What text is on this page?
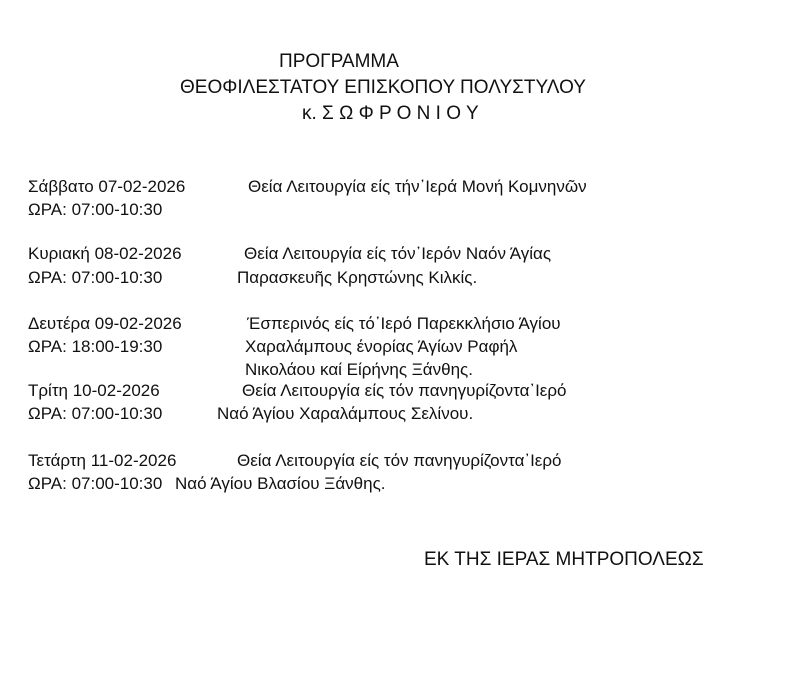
ΠΡΟΓΡΑΜΜΑ
ΘΕΟΦΙΛΕΣΤΑΤΟΥ ΕΠΙΣΚΟΠΟΥ ΠΟΛΥΣΤΥΛΟΥ
κ. Σ Ω Φ Ρ Ο Ν Ι Ο Υ
Σάββατο 07-02-2026
ΩΡΑ: 07:00-10:30
Θεία Λειτουργία είς τήν᾿Ιερά Μονή Κομνηνῶν
Κυριακή 08-02-2026
ΩΡΑ: 07:00-10:30
Θεία Λειτουργία είς τόν᾿Ιερόν Ναόν Άγίας
Παρασκευῆς Κρηστώνης Κιλκίς.
Δευτέρα 09-02-2026
ΩΡΑ: 18:00-19:30
Έσπερινός είς τό᾿Ιερό Παρεκκλήσιο Άγίου
Χαραλάμπους ένορίας Άγίων Ραφήλ
Νικολάου καί Είρήνης Ξάνθης.
Τρίτη 10-02-2026
ΩΡΑ: 07:00-10:30
Θεία Λειτουργία είς τόν πανηγυρίζοντα᾿Ιερό
Ναό Άγίου Χαραλάμπους Σελίνου.
Τετάρτη 11-02-2026
ΩΡΑ: 07:00-10:30
Θεία Λειτουργία είς τόν πανηγυρίζοντα᾿Ιερό
Ναό Άγίου Βλασίου Ξάνθης.
ΕΚ ΤΗΣ ΙΕΡΑΣ ΜΗΤΡΟΠΟΛΕΩΣ
